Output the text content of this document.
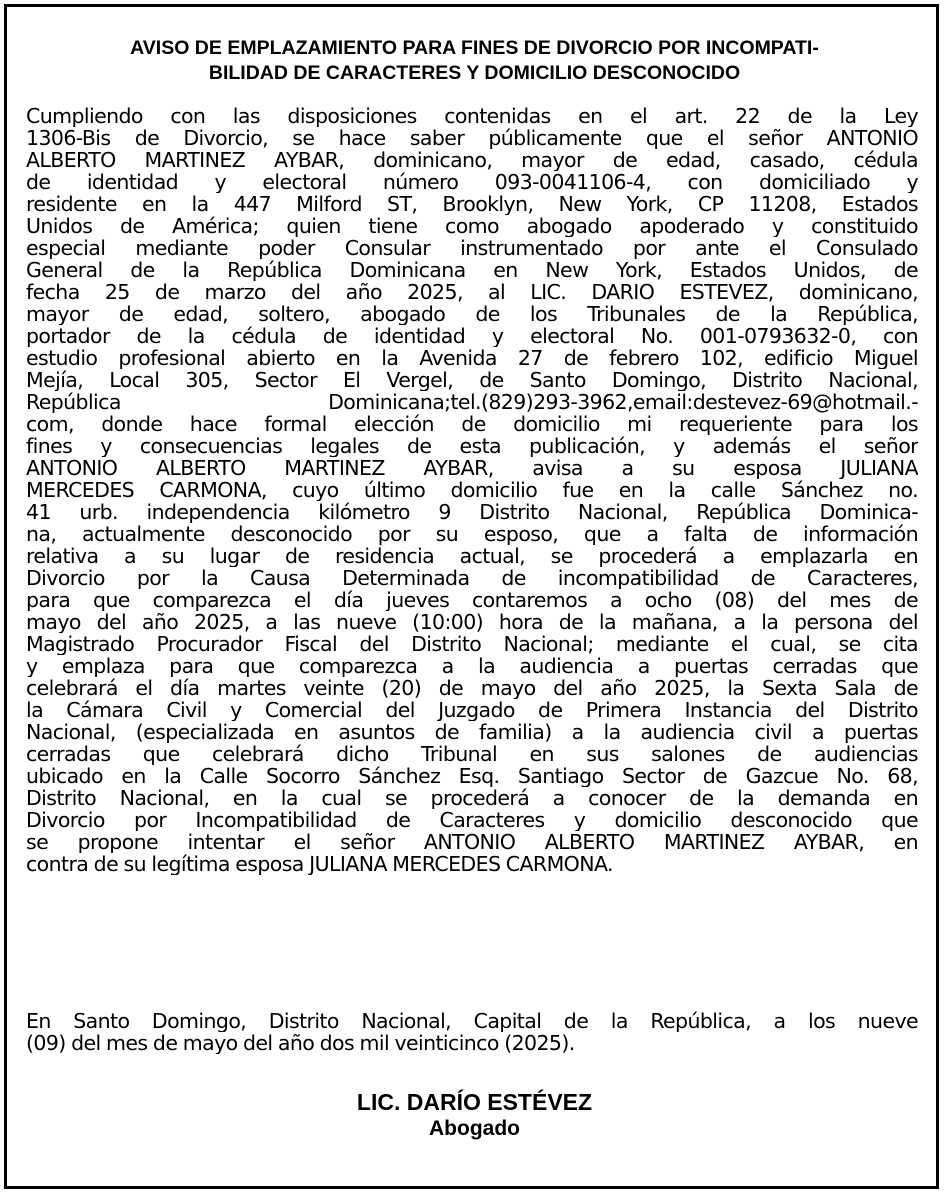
AVISO DE EMPLAZAMIENTO PARA FINES DE DIVORCIO POR INCOMPATI-
BILIDAD DE CARACTERES Y DOMICILIO DESCONOCIDO
Cumpliendo con las disposiciones contenidas en el art. 22 de la Ley
1306-Bis de Divorcio, se hace saber públicamente que el señor ANTONIO
ALBERTO MARTINEZ AYBAR, dominicano, mayor de edad, casado, cédula
de identidad y electoral número 093-0041106-4, con domiciliado y
residente en la 447 Milford ST, Brooklyn, New York, CP 11208, Estados
Unidos de América; quien tiene como abogado apoderado y constituido
especial mediante poder Consular instrumentado por ante el Consulado
General de la República Dominicana en New York, Estados Unidos, de
fecha 25 de marzo del año 2025, al LIC. DARIO ESTEVEZ, dominicano,
mayor de edad, soltero, abogado de los Tribunales de la República,
portador de la cédula de identidad y electoral No. 001-0793632-0, con
estudio profesional abierto en la Avenida 27 de febrero 102, edificio Miguel
Mejía, Local 305, Sector El Vergel, de Santo Domingo, Distrito Nacional,
República Dominicana;tel.(829)293-3962,email:destevez-69@hotmail.-
com, donde hace formal elección de domicilio mi requeriente para los
fines y consecuencias legales de esta publicación, y además el señor
ANTONIO ALBERTO MARTINEZ AYBAR, avisa a su esposa JULIANA
MERCEDES CARMONA, cuyo último domicilio fue en la calle Sánchez no.
41 urb. independencia kilómetro 9 Distrito Nacional, República Dominica-
na, actualmente desconocido por su esposo, que a falta de información
relativa a su lugar de residencia actual, se procederá a emplazarla en
Divorcio por la Causa Determinada de incompatibilidad de Caracteres,
para que comparezca el día jueves contaremos a ocho (08) del mes de
mayo del año 2025, a las nueve (10:00) hora de la mañana, a la persona del
Magistrado Procurador Fiscal del Distrito Nacional; mediante el cual, se cita
y emplaza para que comparezca a la audiencia a puertas cerradas que
celebrará el día martes veinte (20) de mayo del año 2025, la Sexta Sala de
la Cámara Civil y Comercial del Juzgado de Primera Instancia del Distrito
Nacional, (especializada en asuntos de familia) a la audiencia civil a puertas
cerradas que celebrará dicho Tribunal en sus salones de audiencias
ubicado en la Calle Socorro Sánchez Esq. Santiago Sector de Gazcue No. 68,
Distrito Nacional, en la cual se procederá a conocer de la demanda en
Divorcio por Incompatibilidad de Caracteres y domicilio desconocido que
se propone intentar el señor ANTONIO ALBERTO MARTINEZ AYBAR, en
contra de su legítima esposa JULIANA MERCEDES CARMONA.
En Santo Domingo, Distrito Nacional, Capital de la República, a los nueve
(09) del mes de mayo del año dos mil veinticinco (2025).
LIC. DARÍO ESTÉVEZ
Abogado
